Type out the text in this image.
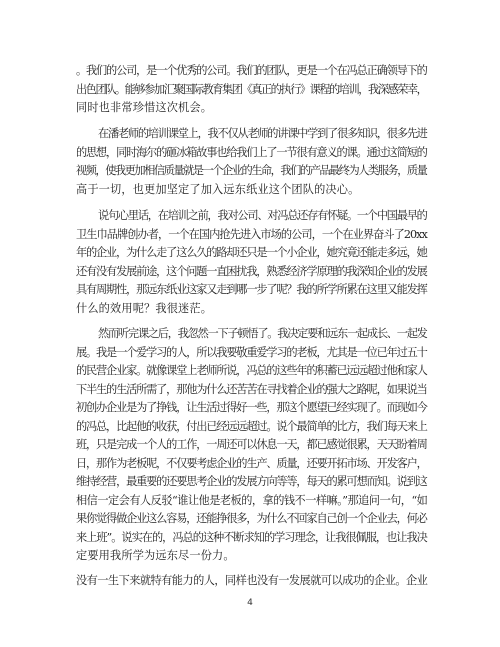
。我们的公司，是一个优秀的公司。我们的团队，更是一个在冯总正确领导下的
出色团队。能够参加汇聚国际教育集团《真正的执行》课程的培训，我深感荣幸，
同时也非常珍惜这次机会。
在潘老师的培训课堂上，我不仅从老师的讲课中学到了很多知识，很多先进
的思想，同时海尔的砸冰箱故事也给我们上了一节很有意义的课。通过这简短的
视频，使我更加相信质量就是一个企业的生命，我们的产品最终为人类服务，质量
高于一切，也更加坚定了加入远东纸业这个团队的决心。
说句心里话，在培训之前，我对公司、对冯总还存有怀疑。一个中国最早的
卫生巾品牌创办者，一个在国内抢先进入市场的公司，一个在业界奋斗了20xx
年的企业，为什么走了这么久的路却还只是一个小企业，她究竟还能走多远，她
还有没有发展前途，这个问题一直困扰我，熟悉经济学原理的我深知企业的发展
具有周期性，那远东纸业这家又走到哪一步了呢？我的所学所累在这里又能发挥
什么的效用呢？我很迷茫。
然而听完课之后，我忽然一下子顿悟了。我决定要和远东一起成长、一起发
展。我是一个爱学习的人，所以我要敬重爱学习的老板，尤其是一位已年过五十
的民营企业家。就像课堂上老师所说，冯总的这些年的积蓄已远远超过他和家人
下半生的生活所需了，那他为什么还苦苦在寻找着企业的强大之路呢，如果说当
初创办企业是为了挣钱，让生活过得好一些，那这个愿望已经实现了。而现如今
的冯总，比起他的收获，付出已经远远超过。说个最简单的比方，我们每天来上
班，只是完成一个人的工作，一周还可以休息一天，都已感觉很累，天天盼着周
日，那作为老板呢，不仅要考虑企业的生产、质量，还要开拓市场、开发客户，
维持经营，最重要的还要思考企业的发展方向等等，每天的累可想而知。说到这
相信一定会有人反驳“谁让他是老板的，拿的钱不一样嘛。”那追问一句，“如
果你觉得做企业这么容易，还能挣很多，为什么不回家自己创一个企业去，何必
来上班”。说实在的，冯总的这种不断求知的学习理念，让我很佩服，也让我决
定要用我所学为远东尽一份力。
没有一生下来就特有能力的人，同样也没有一发展就可以成功的企业。企业
4
